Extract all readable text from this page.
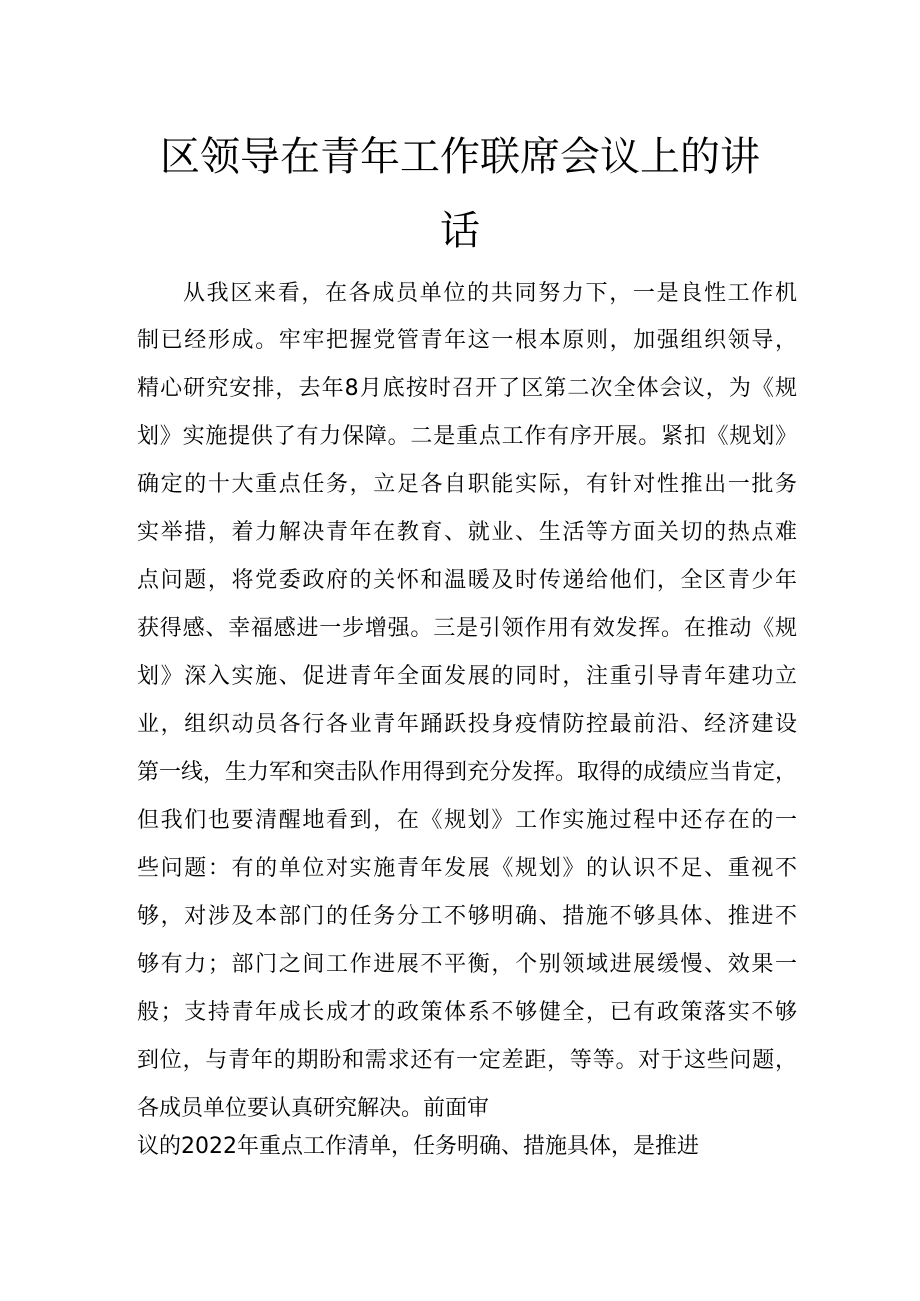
区领导在青年工作联席会议上的讲
话
从我区来看，在各成员单位的共同努力下，一是良性工作机
制已经形成。牢牢把握党管青年这一根本原则，加强组织领导，
精心研究安排，去年8月底按时召开了区第二次全体会议，为《规
划》实施提供了有力保障。二是重点工作有序开展。紧扣《规划》
确定的十大重点任务，立足各自职能实际，有针对性推出一批务
实举措，着力解决青年在教育、就业、生活等方面关切的热点难
点问题，将党委政府的关怀和温暖及时传递给他们，全区青少年
获得感、幸福感进一步增强。三是引领作用有效发挥。在推动《规
划》深入实施、促进青年全面发展的同时，注重引导青年建功立
业，组织动员各行各业青年踊跃投身疫情防控最前沿、经济建设
第一线，生力军和突击队作用得到充分发挥。取得的成绩应当肯定，
但我们也要清醒地看到，在《规划》工作实施过程中还存在的一
些问题：有的单位对实施青年发展《规划》的认识不足、重视不
够，对涉及本部门的任务分工不够明确、措施不够具体、推进不
够有力；部门之间工作进展不平衡，个别领域进展缓慢、效果一
般；支持青年成长成才的政策体系不够健全，已有政策落实不够
到位，与青年的期盼和需求还有一定差距，等等。对于这些问题，
各成员单位要认真研究解决。前面审
议的2022年重点工作清单，任务明确、措施具体，是推进
